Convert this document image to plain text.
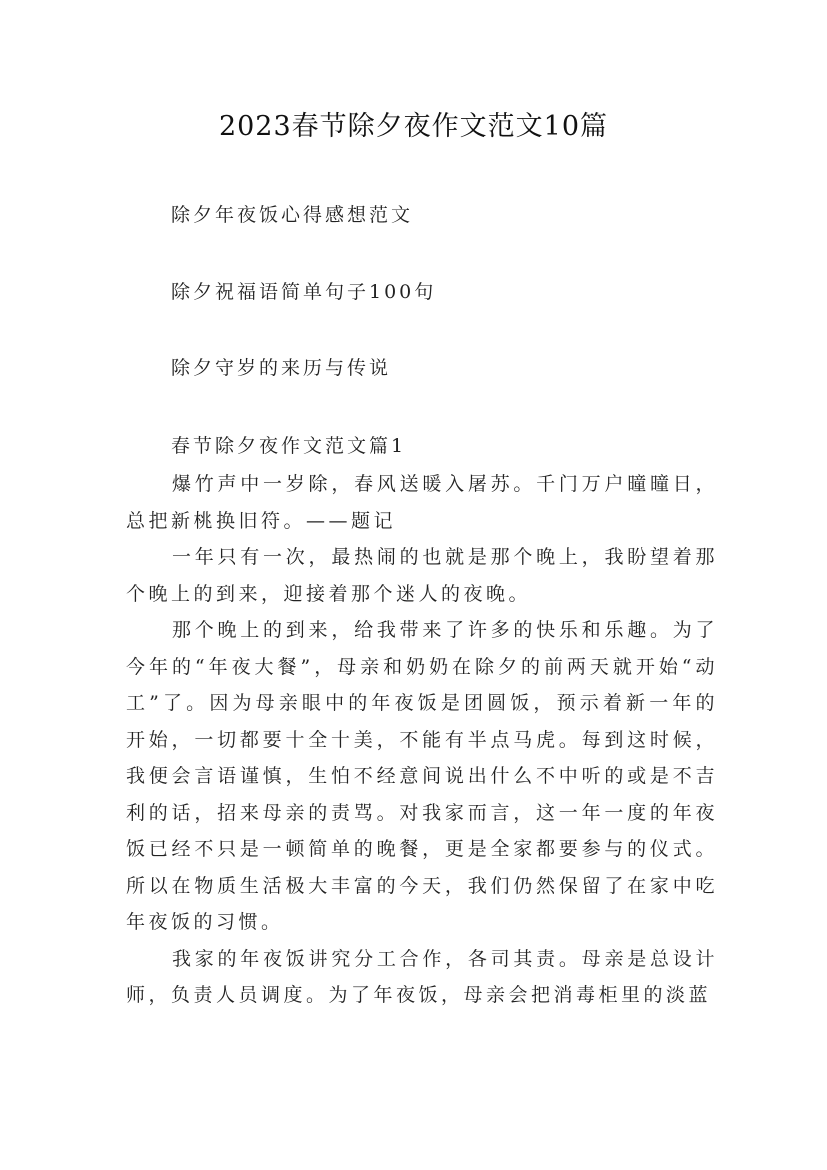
2023春节除夕夜作文范文10篇
除夕年夜饭心得感想范文
除夕祝福语简单句子100句
除夕守岁的来历与传说
春节除夕夜作文范文篇1

爆竹声中一岁除，春风送暖入屠苏。千门万户曈曈日，总把新桃换旧符。——题记

一年只有一次，最热闹的也就是那个晚上，我盼望着那个晚上的到来，迎接着那个迷人的夜晚。

那个晚上的到来，给我带来了许多的快乐和乐趣。为了今年的“年夜大餐”，母亲和奶奶在除夕的前两天就开始“动工”了。因为母亲眼中的年夜饭是团圆饭，预示着新一年的开始，一切都要十全十美，不能有半点马虎。每到这时候，我便会言语谨慎，生怕不经意间说出什么不中听的或是不吉利的话，招来母亲的责骂。对我家而言，这一年一度的年夜饭已经不只是一顿简单的晚餐，更是全家都要参与的仪式。所以在物质生活极大丰富的今天，我们仍然保留了在家中吃年夜饭的习惯。

我家的年夜饭讲究分工合作，各司其责。母亲是总设计师，负责人员调度。为了年夜饭，母亲会把消毒柜里的淡蓝
